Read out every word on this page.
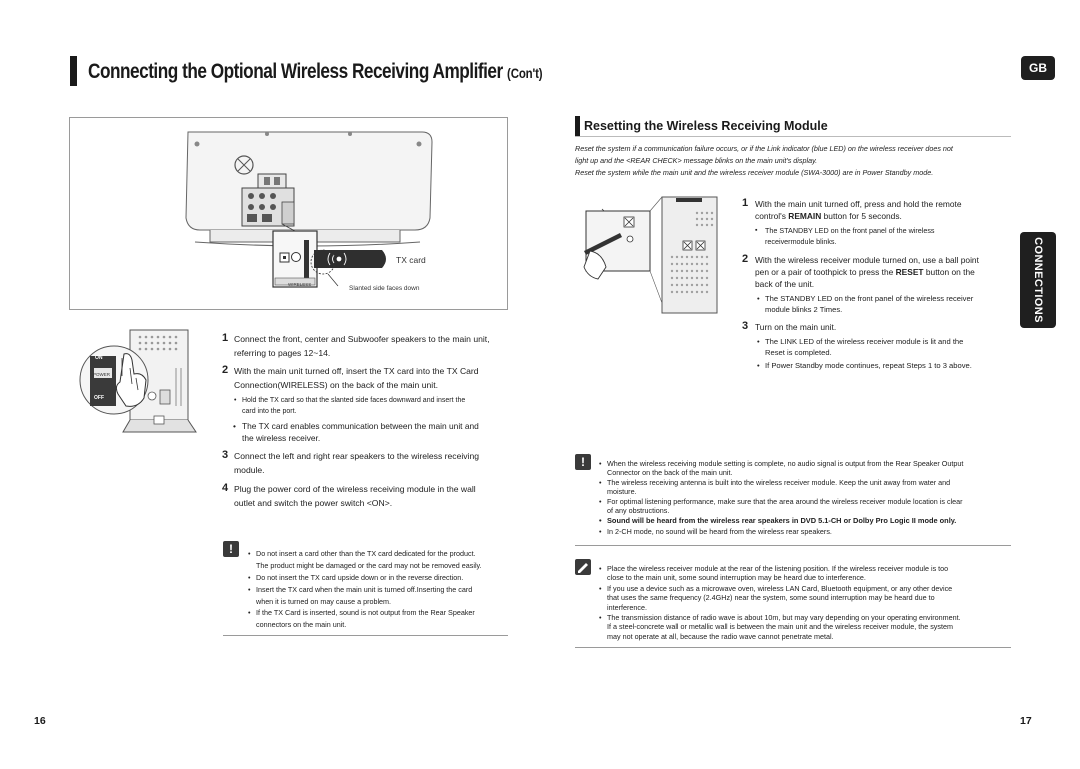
Connecting the Optional Wireless Receiving Amplifier (Con't)	GB
CONNECTIONS
TX card
Slanted side faces down
WIRELESS
ON
POWER
OFF
1 Connect the front, center and Subwoofer speakers to the main unit,
referring to pages 12~14.
2 With the main unit turned off, insert the TX card into the TX Card
Connection(WIRELESS) on the back of the main unit.
• Hold the TX card so that the slanted side faces downward and insert the
card into the port.
• The TX card enables communication between the main unit and
the wireless receiver.
3 Connect the left and right rear speakers to the wireless receiving
module.
4 Plug the power cord of the wireless receiving module in the wall
outlet and switch the power switch <ON>.
!	• Do not insert a card other than the TX card dedicated for the product.
The product might be damaged or the card may not be removed easily.
• Do not insert the TX card upside down or in the reverse direction.
• Insert the TX card when the main unit is turned off.Inserting the card
when it is turned on may cause a problem.
• If the TX Card is inserted, sound is not output from the Rear Speaker
connectors on the main unit.
16
Resetting the Wireless Receiving Module
Reset the system if a communication failure occurs, or if the Link indicator (blue LED) on the wireless receiver does not
light up and the <REAR CHECK> message blinks on the main unit's display.
Reset the system while the main unit and the wireless receiver module (SWA-3000) are in Power Standby mode.
1 With the main unit turned off, press and hold the remote
control's REMAIN button for 5 seconds.
▪ The STANDBY LED on the front panel of the wireless
receivermodule blinks.
2 With the wireless receiver module turned on, use a ball point
pen or a pair of toothpick to press the RESET button on the
back of the unit.
• The STANDBY LED on the front panel of the wireless receiver
module blinks 2 Times.
3 Turn on the main unit.
• The LINK LED of the wireless receiver module is lit and the
Reset is completed.
• If Power Standby mode continues, repeat Steps 1 to 3 above.
!	• When the wireless receiving module setting is complete, no audio signal is output from the Rear Speaker Output
Connector on the back of the main unit.
• The wireless receiving antenna is built into the wireless receiver module. Keep the unit away from water and
moisture.
• For optimal listening performance, make sure that the area around the wireless receiver module location is clear
of any obstructions.
• Sound will be heard from the wireless rear speakers in DVD 5.1-CH or Dolby Pro Logic II mode only.
• In 2-CH mode, no sound will be heard from the wireless rear speakers.
• Place the wireless receiver module at the rear of the listening position. If the wireless receiver module is too
close to the main unit, some sound interruption may be heard due to interference.
• If you use a device such as a microwave oven, wireless LAN Card, Bluetooth equipment, or any other device
that uses the same frequency (2.4GHz) near the system, some sound interruption may be heard due to
interference.
• The transmission distance of radio wave is about 10m, but may vary depending on your operating environment.
If a steel-concrete wall or metallic wall is between the main unit and the wireless receiver module, the system
may not operate at all, because the radio wave cannot penetrate metal.
17
